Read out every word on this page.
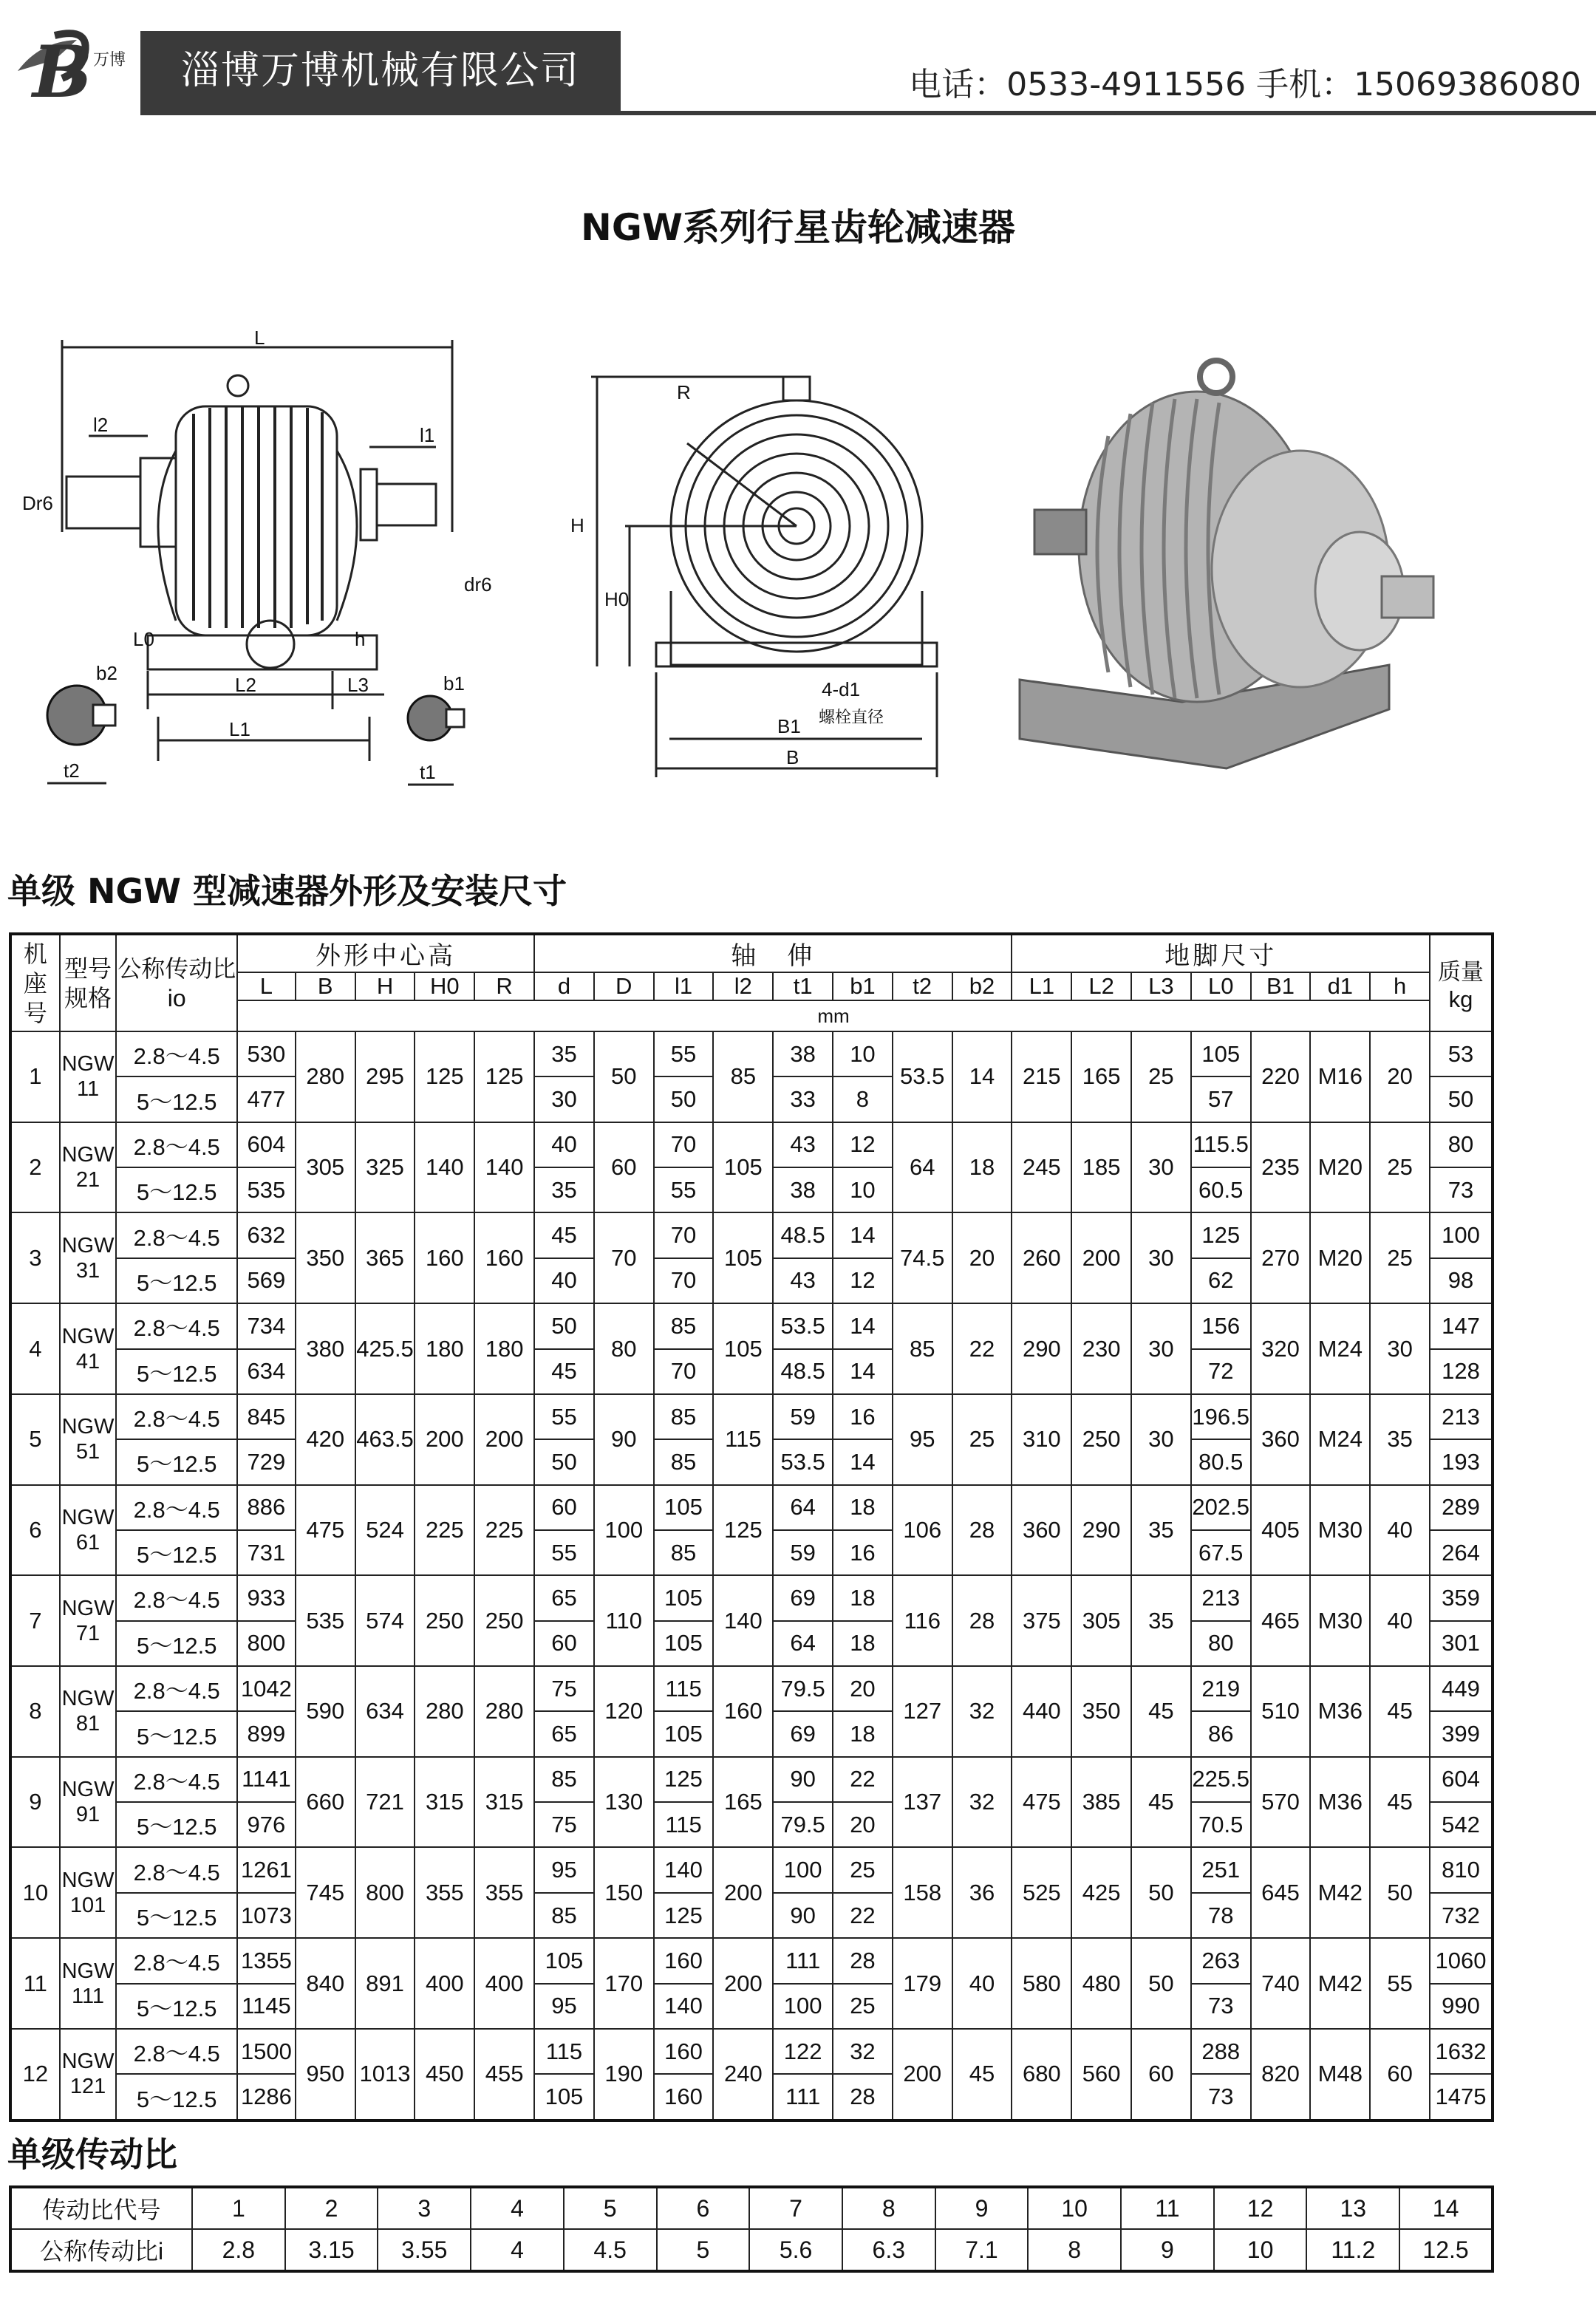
B 万博	淄博万博机械有限公司	电话：0533-4911556 手机：15069386080
NGW系列行星齿轮减速器
L
L2	L3
L1
l2	l1
Dr6
dr6
L0	h
b2
t2
b1
t1
R
H
H0
B1
B
4-d1
螺栓直径
单级 NGW 型减速器外形及安装尺寸
机座号	型号规格	公称传动比io	外形中心高					轴　伸								地脚尺寸							质量
kg

			L	B	H	H0	R	d	D	l1	l2	t1	b1	t2	b2	L1	L2	L3	L0	B1	d1	h	
			mm																				
1	NGW 11	2.8～4.5	530	280	295	125	125	35	50	55	85	38	10	53.5	14	215	165	25	105	220	M16	20	53
		5～12.5	477					30		50		33	8						57				50
2	NGW 21	2.8～4.5	604	305	325	140	140	40	60	70	105	43	12	64	18	245	185	30	115.5	235	M20	25	80
		5～12.5	535					35		55		38	10						60.5				73
3	NGW 31	2.8～4.5	632	350	365	160	160	45	70	70	105	48.5	14	74.5	20	260	200	30	125	270	M20	25	100
		5～12.5	569					40		70		43	12						62				98
4	NGW 41	2.8～4.5	734	380	425.5	180	180	50	80	85	105	53.5	14	85	22	290	230	30	156	320	M24	30	147
		5～12.5	634					45		70		48.5	14						72				128
5	NGW 51	2.8～4.5	845	420	463.5	200	200	55	90	85	115	59	16	95	25	310	250	30	196.5	360	M24	35	213
		5～12.5	729					50		85		53.5	14						80.5				193
6	NGW 61	2.8～4.5	886	475	524	225	225	60	100	105	125	64	18	106	28	360	290	35	202.5	405	M30	40	289
		5～12.5	731					55		85		59	16						67.5				264
7	NGW 71	2.8～4.5	933	535	574	250	250	65	110	105	140	69	18	116	28	375	305	35	213	465	M30	40	359
		5～12.5	800					60		105		64	18						80				301
8	NGW 81	2.8～4.5	1042	590	634	280	280	75	120	115	160	79.5	20	127	32	440	350	45	219	510	M36	45	449
		5～12.5	899					65		105		69	18						86				399
9	NGW 91	2.8～4.5	1141	660	721	315	315	85	130	125	165	90	22	137	32	475	385	45	225.5	570	M36	45	604
		5～12.5	976					75		115		79.5	20						70.5				542
10	NGW 101	2.8～4.5	1261	745	800	355	355	95	150	140	200	100	25	158	36	525	425	50	251	645	M42	50	810
		5～12.5	1073					85		125		90	22						78				732
11	NGW 111	2.8～4.5	1355	840	891	400	400	105	170	160	200	111	28	179	40	580	480	50	263	740	M42	55	1060
		5～12.5	1145					95		140		100	25						73				990
12	NGW 121	2.8～4.5	1500	950	1013	450	455	115	190	160	240	122	32	200	45	680	560	60	288	820	M48	60	1632
		5～12.5	1286					105		160		111	28						73				1475
单级传动比
传动比代号	1	2	3	4	5	6	7	8	9	10	11	12	13	14
公称传动比i	2.8	3.15	3.55	4	4.5	5	5.6	6.3	7.1	8	9	10	11.2	12.5
